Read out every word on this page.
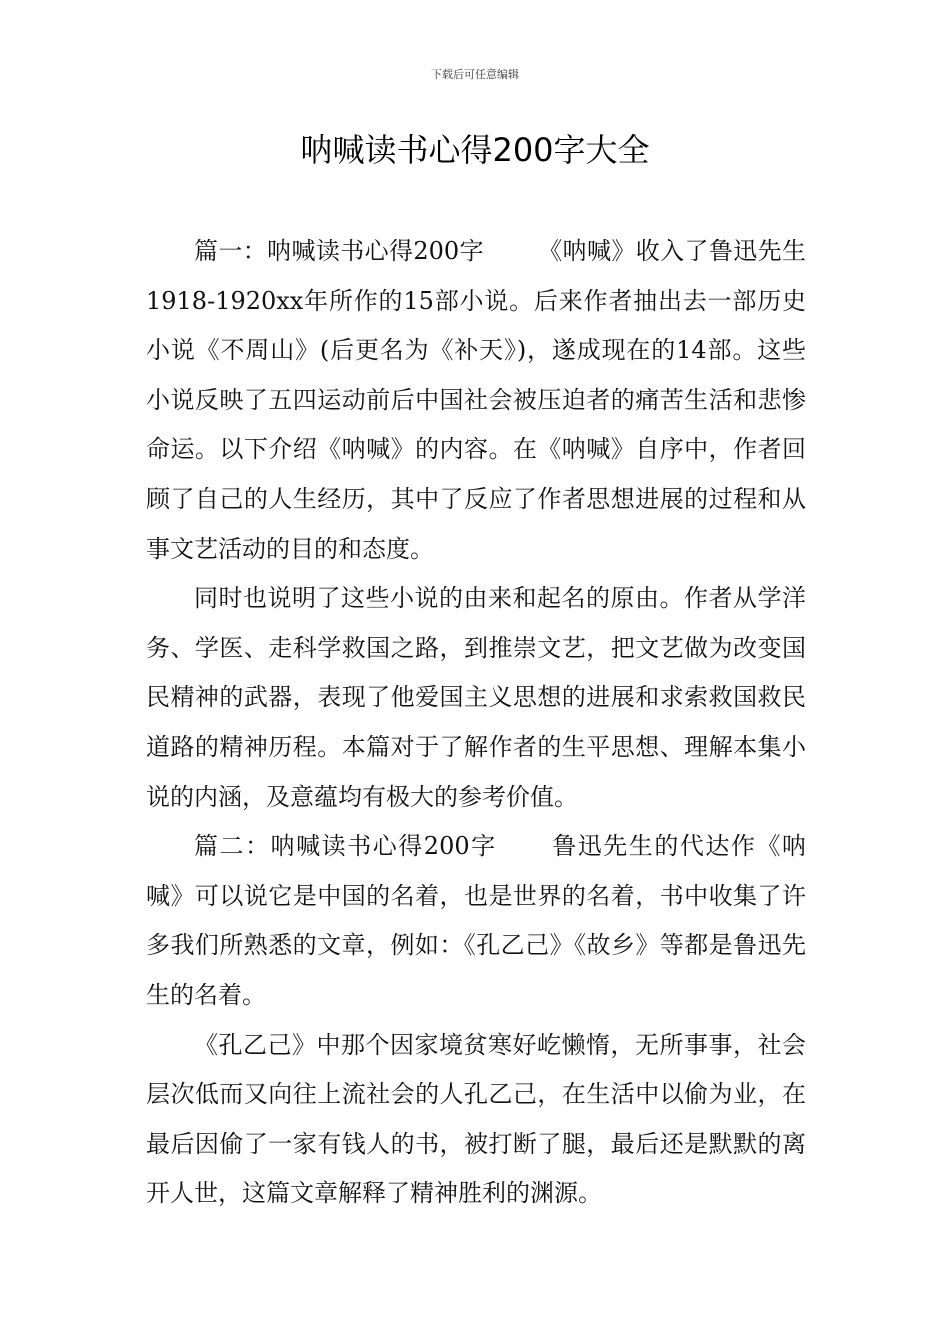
下载后可任意编辑
呐喊读书心得200字大全

篇一：呐喊读书心得200字 《呐喊》收入了鲁迅先生1918-1920xx年所作的15部小说。后来作者抽出去一部历史小说《不周山》(后更名为《补天》)，遂成现在的14部。这些小说反映了五四运动前后中国社会被压迫者的痛苦生活和悲惨命运。以下介绍《呐喊》的内容。在《呐喊》自序中，作者回顾了自己的人生经历，其中了反应了作者思想进展的过程和从事文艺活动的目的和态度。

同时也说明了这些小说的由来和起名的原由。作者从学洋务、学医、走科学救国之路，到推崇文艺，把文艺做为改变国民精神的武器，表现了他爱国主义思想的进展和求索救国救民道路的精神历程。本篇对于了解作者的生平思想、理解本集小说的内涵，及意蕴均有极大的参考价值。

篇二：呐喊读书心得200字 鲁迅先生的代达作《呐喊》可以说它是中国的名着，也是世界的名着，书中收集了许多我们所熟悉的文章，例如：《孔乙己》《故乡》等都是鲁迅先生的名着。

《孔乙己》中那个因家境贫寒好屹懒惰，无所事事，社会层次低而又向往上流社会的人孔乙己，在生活中以偷为业，在最后因偷了一家有钱人的书，被打断了腿，最后还是默默的离开人世，这篇文章解释了精神胜利的渊源。
